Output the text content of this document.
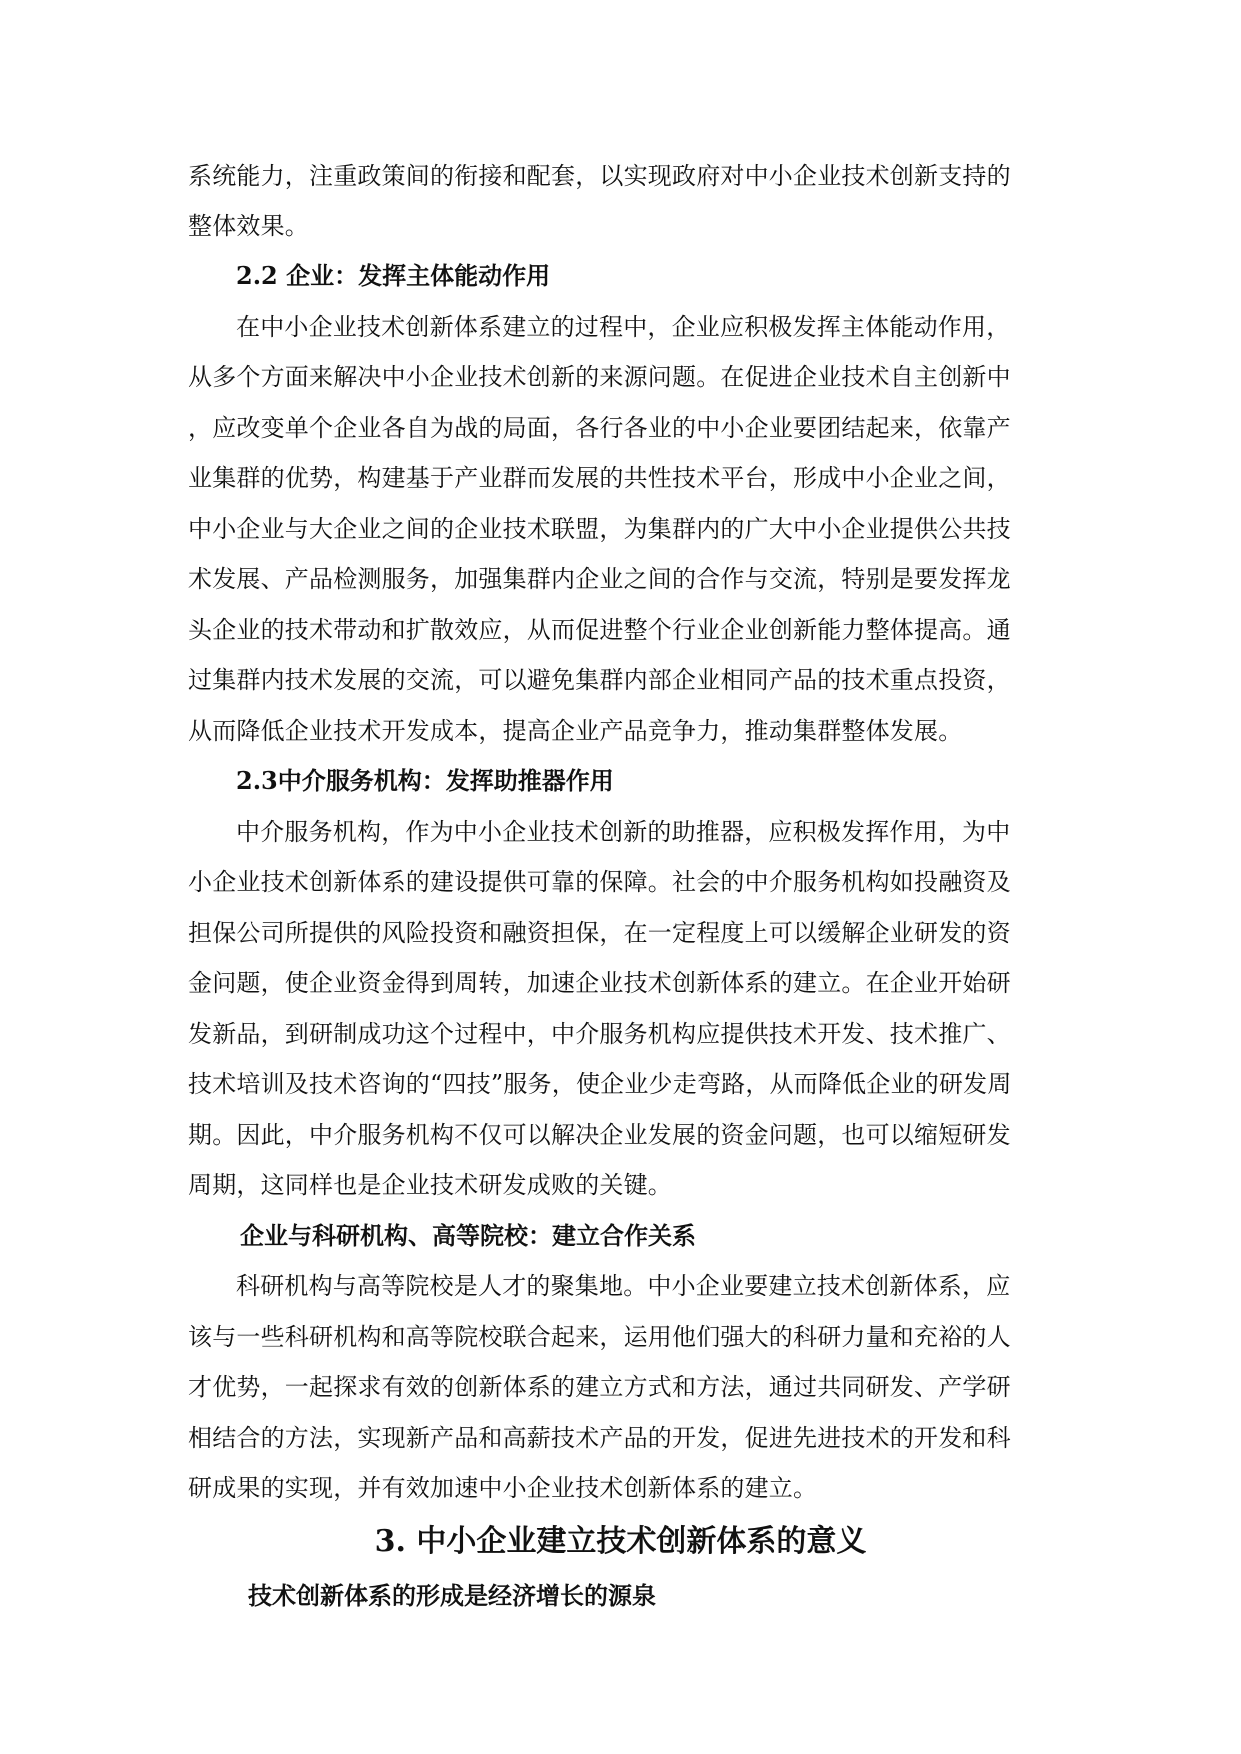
系统能力，注重政策间的衔接和配套，以实现政府对中小企业技术创新支持的
整体效果。
2.2 企业：发挥主体能动作用
在中小企业技术创新体系建立的过程中，企业应积极发挥主体能动作用，
从多个方面来解决中小企业技术创新的来源问题。在促进企业技术自主创新中
，应改变单个企业各自为战的局面，各行各业的中小企业要团结起来，依靠产
业集群的优势，构建基于产业群而发展的共性技术平台，形成中小企业之间，
中小企业与大企业之间的企业技术联盟，为集群内的广大中小企业提供公共技
术发展、产品检测服务，加强集群内企业之间的合作与交流，特别是要发挥龙
头企业的技术带动和扩散效应，从而促进整个行业企业创新能力整体提高。通
过集群内技术发展的交流，可以避免集群内部企业相同产品的技术重点投资，
从而降低企业技术开发成本，提高企业产品竞争力，推动集群整体发展。
2.3中介服务机构：发挥助推器作用
中介服务机构，作为中小企业技术创新的助推器，应积极发挥作用，为中
小企业技术创新体系的建设提供可靠的保障。社会的中介服务机构如投融资及
担保公司所提供的风险投资和融资担保，在一定程度上可以缓解企业研发的资
金问题，使企业资金得到周转，加速企业技术创新体系的建立。在企业开始研
发新品，到研制成功这个过程中，中介服务机构应提供技术开发、技术推广、
技术培训及技术咨询的“四技”服务，使企业少走弯路，从而降低企业的研发周
期。因此，中介服务机构不仅可以解决企业发展的资金问题，也可以缩短研发
周期，这同样也是企业技术研发成败的关键。
企业与科研机构、高等院校：建立合作关系
科研机构与高等院校是人才的聚集地。中小企业要建立技术创新体系，应
该与一些科研机构和高等院校联合起来，运用他们强大的科研力量和充裕的人
才优势，一起探求有效的创新体系的建立方式和方法，通过共同研发、产学研
相结合的方法，实现新产品和高薪技术产品的开发，促进先进技术的开发和科
研成果的实现，并有效加速中小企业技术创新体系的建立。
3. 中小企业建立技术创新体系的意义
技术创新体系的形成是经济增长的源泉
